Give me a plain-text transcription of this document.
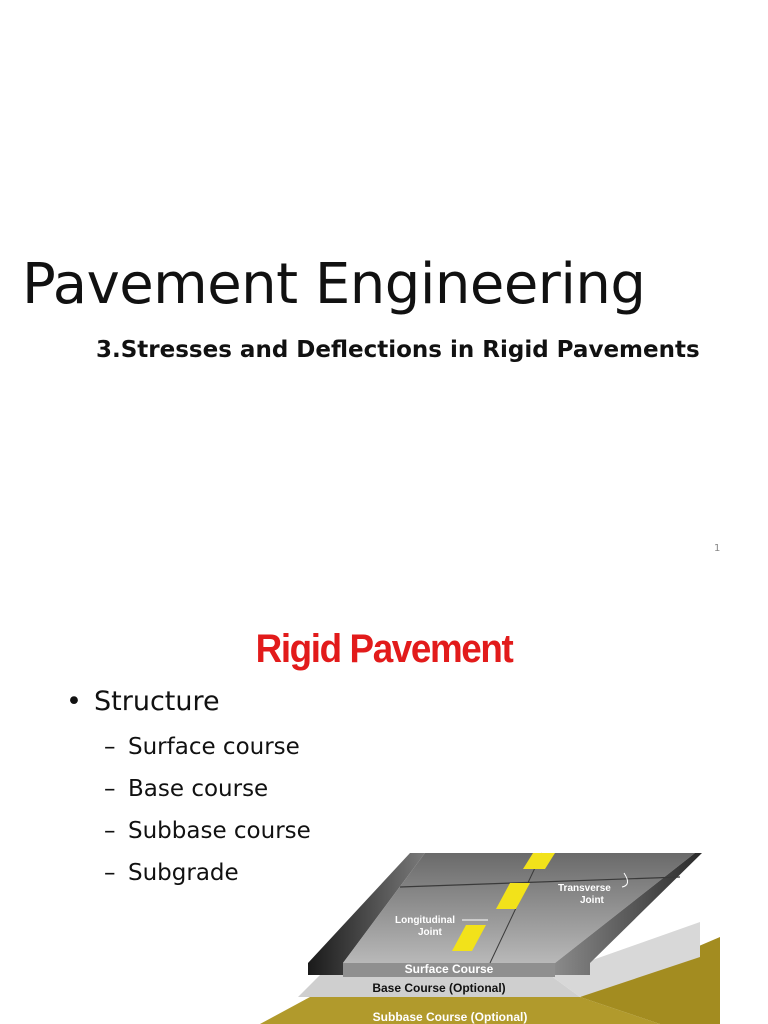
Pavement Engineering
3.Stresses and Deflections in Rigid Pavements
1
Rigid Pavement
• Structure
– Surface course
– Base course
– Subbase course
– Subgrade
Transverse
Joint
Longitudinal
Joint
Surface Course
Base Course (Optional)
Subbase Course (Optional)
